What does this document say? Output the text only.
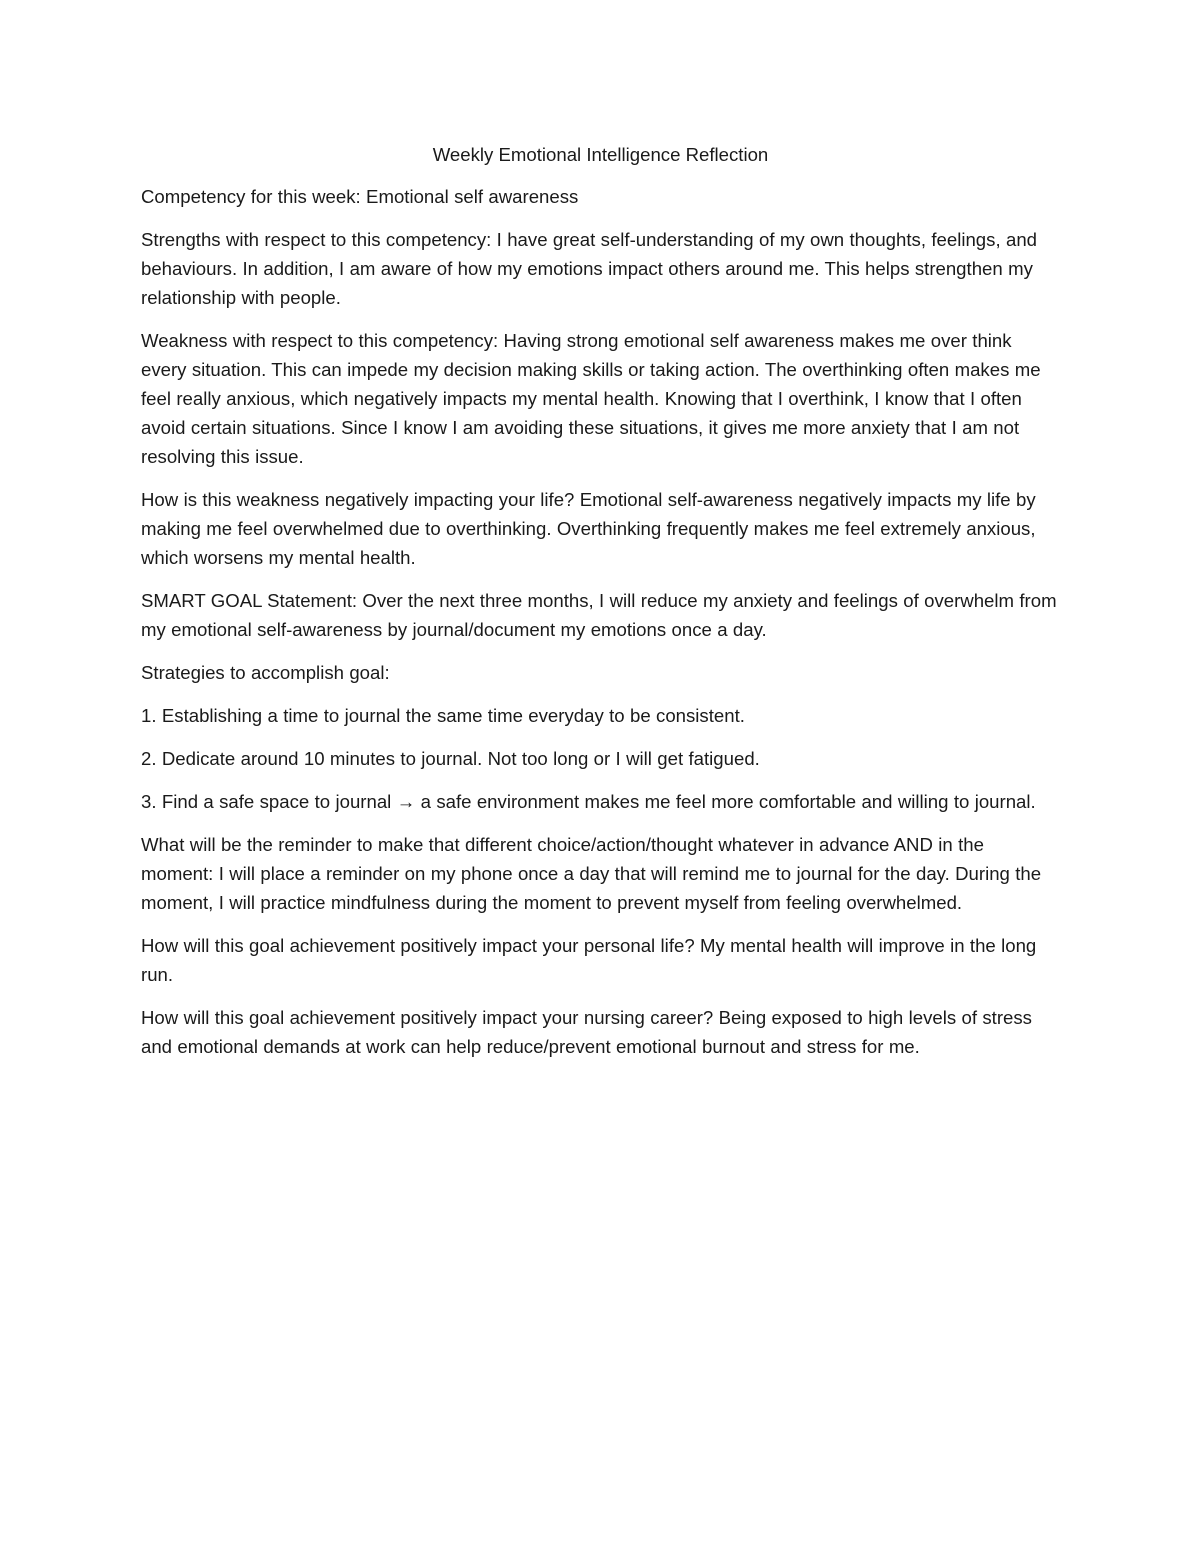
Weekly Emotional Intelligence Reflection

Competency for this week: Emotional self awareness

Strengths with respect to this competency: I have great self-understanding of my own thoughts, feelings, and behaviours. In addition, I am aware of how my emotions impact others around me. This helps strengthen my relationship with people.

Weakness with respect to this competency: Having strong emotional self awareness makes me over think every situation. This can impede my decision making skills or taking action. The overthinking often makes me feel really anxious, which negatively impacts my mental health. Knowing that I overthink, I know that I often avoid certain situations. Since I know I am avoiding these situations, it gives me more anxiety that I am not resolving this issue.

How is this weakness negatively impacting your life? Emotional self-awareness negatively impacts my life by making me feel overwhelmed due to overthinking. Overthinking frequently makes me feel extremely anxious, which worsens my mental health.

SMART GOAL Statement: Over the next three months, I will reduce my anxiety and feelings of overwhelm from my emotional self-awareness by journal/document my emotions once a day.

Strategies to accomplish goal:

1. Establishing a time to journal the same time everyday to be consistent.

2. Dedicate around 10 minutes to journal. Not too long or I will get fatigued.

3. Find a safe space to journal → a safe environment makes me feel more comfortable and willing to journal.

What will be the reminder to make that different choice/action/thought whatever in advance AND in the moment: I will place a reminder on my phone once a day that will remind me to journal for the day. During the moment, I will practice mindfulness during the moment to prevent myself from feeling overwhelmed.

How will this goal achievement positively impact your personal life? My mental health will improve in the long run.

How will this goal achievement positively impact your nursing career? Being exposed to high levels of stress and emotional demands at work can help reduce/prevent emotional burnout and stress for me.
